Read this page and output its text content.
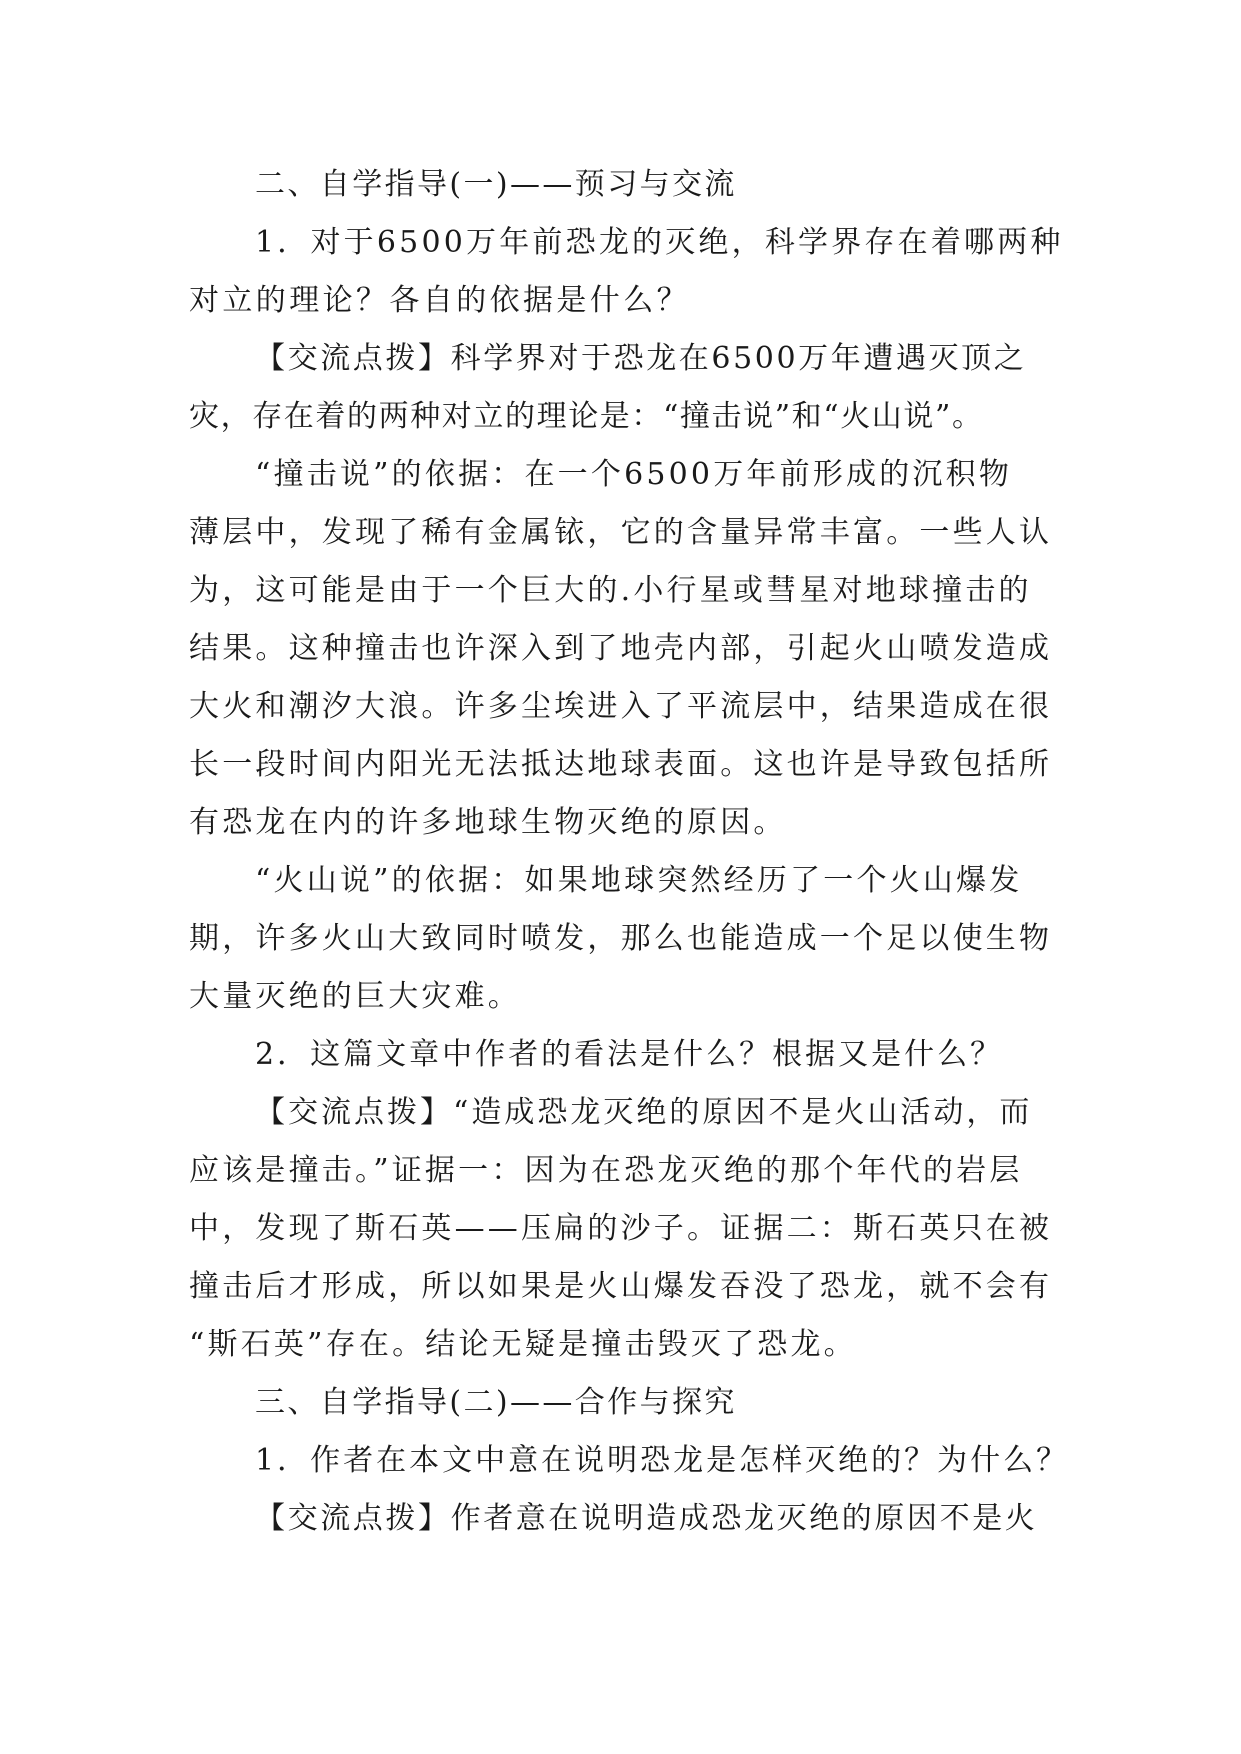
二、自学指导(一)——预习与交流
1．对于6500万年前恐龙的灭绝，科学界存在着哪两种
对立的理论？各自的依据是什么？
【交流点拨】科学界对于恐龙在6500万年遭遇灭顶之
灾，存在着的两种对立的理论是：“撞击说”和“火山说”。
“撞击说”的依据：在一个6500万年前形成的沉积物
薄层中，发现了稀有金属铱，它的含量异常丰富。一些人认
为，这可能是由于一个巨大的.小行星或彗星对地球撞击的
结果。这种撞击也许深入到了地壳内部，引起火山喷发造成
大火和潮汐大浪。许多尘埃进入了平流层中，结果造成在很
长一段时间内阳光无法抵达地球表面。这也许是导致包括所
有恐龙在内的许多地球生物灭绝的原因。
“火山说”的依据：如果地球突然经历了一个火山爆发
期，许多火山大致同时喷发，那么也能造成一个足以使生物
大量灭绝的巨大灾难。
2．这篇文章中作者的看法是什么？根据又是什么？
【交流点拨】“造成恐龙灭绝的原因不是火山活动，而
应该是撞击。”证据一：因为在恐龙灭绝的那个年代的岩层
中，发现了斯石英——压扁的沙子。证据二：斯石英只在被
撞击后才形成，所以如果是火山爆发吞没了恐龙，就不会有
“斯石英”存在。结论无疑是撞击毁灭了恐龙。
三、自学指导(二)——合作与探究
1．作者在本文中意在说明恐龙是怎样灭绝的？为什么？
【交流点拨】作者意在说明造成恐龙灭绝的原因不是火
